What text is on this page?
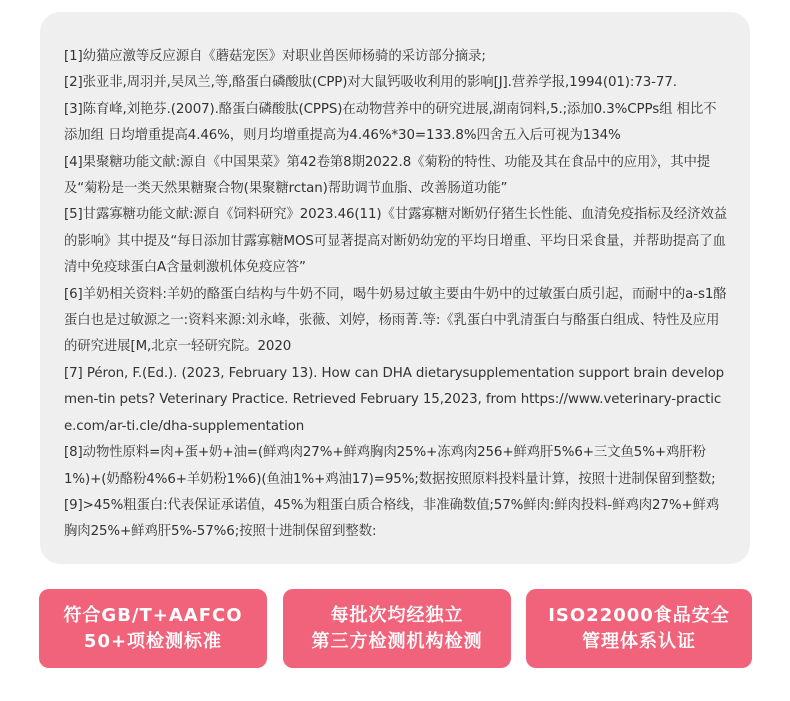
[1]幼猫应激等反应源自《蘑菇宠医》对职业兽医师杨骑的采访部分摘录;
[2]张亚非,周羽并,吴凤兰,等,酪蛋白磷酸肽(CPP)对大鼠钙吸收利用的影响[J].营养学报,1994(01):73-77.
[3]陈育峰,刘艳芬.(2007).酪蛋白磷酸肽(CPPS)在动物营养中的研究进展,湖南饲料,5.;添加0.3%CPPs组 相比不添加组 日均增重提高4.46%，则月均增重提高为4.46%*30=133.8%四舍五入后可视为134%
[4]果聚糖功能文献:源自《中国果菜》第42卷第8期2022.8《菊粉的特性、功能及其在食品中的应用》，其中提及“菊粉是一类天然果糖聚合物(果聚糖rctan)帮助调节血脂、改善肠道功能”
[5]甘露寡糖功能文献:源自《饲料研究》2023.46(11)《甘露寡糖对断奶仔猪生长性能、血清免疫指标及经济效益的影响》其中提及“每日添加甘露寡糖MOS可显著提高对断奶幼宠的平均日增重、平均日采食量，并帮助提高了血清中免疫球蛋白A含量刺激机体免疫应答”
[6]羊奶相关资料:羊奶的酪蛋白结构与牛奶不同，喝牛奶易过敏主要由牛奶中的过敏蛋白质引起，而耐中的a-s1酪蛋白也是过敏源之一:资料来源:刘永峰，张薇、刘婷，杨雨菁.等:《乳蛋白中乳清蛋白与酪蛋白组成、特性及应用的研究进展[M,北京一轻研究院。2020
[7] Péron, F.(Ed.). (2023, February 13). How can DHA dietarysupplementation support brain developmen-tin pets? Veterinary Practice. Retrieved February 15,2023, from https://www.veterinary-practice.com/ar-ti.cle/dha-supplementation
[8]动物性原料=肉+蛋+奶+油=(鲜鸡肉27%+鲜鸡胸肉25%+冻鸡肉256+鲜鸡肝5%6+三文鱼5%+鸡肝粉1%)+(奶酪粉4%6+羊奶粉1%6)(鱼油1%+鸡油17)=95%;数据按照原料投料量计算，按照十进制保留到整数;
[9]>45%粗蛋白:代表保证承诺值，45%为粗蛋白质合格线，非准确数值;57%鲜肉:鲜肉投料-鲜鸡肉27%+鲜鸡胸肉25%+鲜鸡肝5%-57%6;按照十进制保留到整数:
符合GB/T+AAFCO
50+项检测标准
每批次均经独立
第三方检测机构检测
ISO22000食品安全
管理体系认证
